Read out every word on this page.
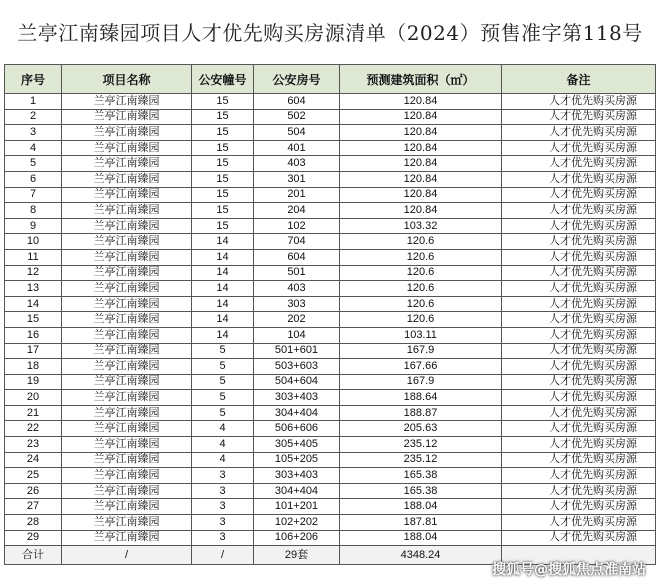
兰亭江南臻园项目人才优先购买房源清单（2024）预售准字第118号
序号	项目名称	公安幢号	公安房号	预测建筑面积（㎡）	备注
1	兰亭江南臻园	15	604	120.84	人才优先购买房源
2	兰亭江南臻园	15	502	120.84	人才优先购买房源
3	兰亭江南臻园	15	504	120.84	人才优先购买房源
4	兰亭江南臻园	15	401	120.84	人才优先购买房源
5	兰亭江南臻园	15	403	120.84	人才优先购买房源
6	兰亭江南臻园	15	301	120.84	人才优先购买房源
7	兰亭江南臻园	15	201	120.84	人才优先购买房源
8	兰亭江南臻园	15	204	120.84	人才优先购买房源
9	兰亭江南臻园	15	102	103.32	人才优先购买房源
10	兰亭江南臻园	14	704	120.6	人才优先购买房源
11	兰亭江南臻园	14	604	120.6	人才优先购买房源
12	兰亭江南臻园	14	501	120.6	人才优先购买房源
13	兰亭江南臻园	14	403	120.6	人才优先购买房源
14	兰亭江南臻园	14	303	120.6	人才优先购买房源
15	兰亭江南臻园	14	202	120.6	人才优先购买房源
16	兰亭江南臻园	14	104	103.11	人才优先购买房源
17	兰亭江南臻园	5	501+601	167.9	人才优先购买房源
18	兰亭江南臻园	5	503+603	167.66	人才优先购买房源
19	兰亭江南臻园	5	504+604	167.9	人才优先购买房源
20	兰亭江南臻园	5	303+403	188.64	人才优先购买房源
21	兰亭江南臻园	5	304+404	188.87	人才优先购买房源
22	兰亭江南臻园	4	506+606	205.63	人才优先购买房源
23	兰亭江南臻园	4	305+405	235.12	人才优先购买房源
24	兰亭江南臻园	4	105+205	235.12	人才优先购买房源
25	兰亭江南臻园	3	303+403	165.38	人才优先购买房源
26	兰亭江南臻园	3	304+404	165.38	人才优先购买房源
27	兰亭江南臻园	3	101+201	188.04	人才优先购买房源
28	兰亭江南臻园	3	102+202	187.81	人才优先购买房源
29	兰亭江南臻园	3	106+206	188.04	人才优先购买房源
合计	/	/	29套	4348.24	
搜狐号@搜狐焦点淮南站
